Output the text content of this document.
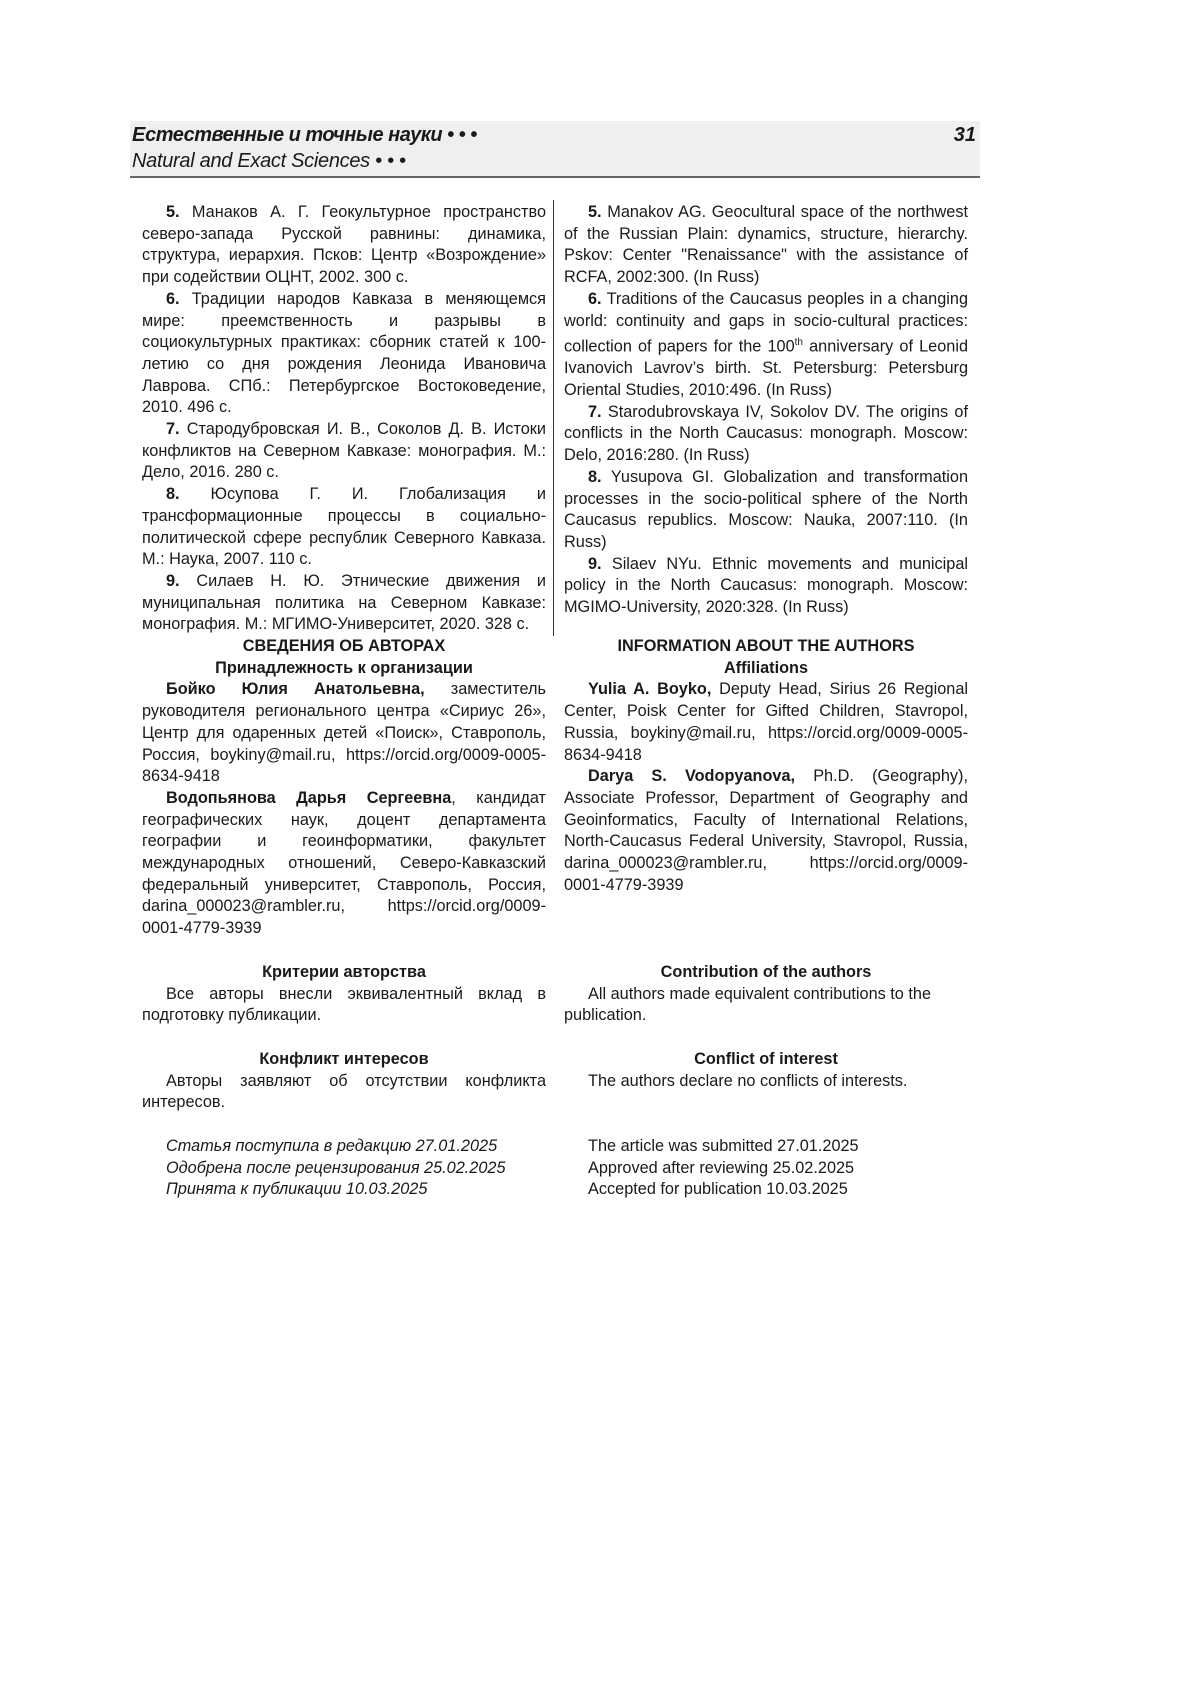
Естественные и точные науки • • •
Natural and Exact Sciences • • •
31

5. Манаков А. Г. Геокультурное пространство северо-запада Русской равнины: динамика, структура, иерархия. Псков: Центр «Возрождение» при содействии ОЦНТ, 2002. 300 с.

6. Традиции народов Кавказа в меняющемся мире: преемственность и разрывы в социокультурных практиках: сборник статей к 100-летию со дня рождения Леонида Ивановича Лаврова. СПб.: Петербургское Востоковедение, 2010. 496 с.

7. Стародубровская И. В., Соколов Д. В. Истоки конфликтов на Северном Кавказе: монография. М.: Дело, 2016. 280 с.

8. Юсупова Г. И. Глобализация и трансформационные процессы в социально-политической сфере республик Северного Кавказа. М.: Наука, 2007. 110 с.

9. Силаев Н. Ю. Этнические движения и муниципальная политика на Северном Кавказе: монография. М.: МГИМО-Университет, 2020. 328 с.

5. Manakov AG. Geocultural space of the northwest of the Russian Plain: dynamics, structure, hierarchy. Pskov: Center "Renaissance" with the assistance of RCFA, 2002:300. (In Russ)

6. Traditions of the Caucasus peoples in a changing world: continuity and gaps in socio-cultural practices: collection of papers for the 100th anniversary of Leonid Ivanovich Lavrov’s birth. St. Petersburg: Petersburg Oriental Studies, 2010:496. (In Russ)

7. Starodubrovskaya IV, Sokolov DV. The origins of conflicts in the North Caucasus: monograph. Moscow: Delo, 2016:280. (In Russ)

8. Yusupova GI. Globalization and transformation processes in the socio-political sphere of the North Caucasus republics. Moscow: Nauka, 2007:110. (In Russ)

9. Silaev NYu. Ethnic movements and municipal policy in the North Caucasus: monograph. Moscow: MGIMO-University, 2020:328. (In Russ)

СВЕДЕНИЯ ОБ АВТОРАХ

Принадлежность к организации

Бойко Юлия Анатольевна, заместитель руководителя регионального центра «Сириус 26», Центр для одаренных детей «Поиск», Ставрополь, Россия, boykiny@mail.ru, https://orcid.org/0009-0005-8634-9418

Водопьянова Дарья Сергеевна, кандидат географических наук, доцент департамента географии и геоинформатики, факультет международных отношений, Северо-Кавказский федеральный университет, Ставрополь, Россия, darina_000023@rambler.ru, https://orcid.org/0009-0001-4779-3939

INFORMATION ABOUT THE AUTHORS

Affiliations

Yulia A. Boyko, Deputy Head, Sirius 26 Regional Center, Poisk Center for Gifted Children, Stavropol, Russia, boykiny@mail.ru, https://orcid.org/0009-0005-8634-9418

Darya S. Vodopyanova, Ph.D. (Geography), Associate Professor, Department of Geography and Geoinformatics, Faculty of International Relations, North-Caucasus Federal University, Stavropol, Russia, darina_000023@rambler.ru, https://orcid.org/0009-0001-4779-3939

Критерии авторства

Все авторы внесли эквивалентный вклад в подготовку публикации.

Contribution of the authors

All authors made equivalent contributions to the publication.

Конфликт интересов

Авторы заявляют об отсутствии конфликта интересов.

Conflict of interest

The authors declare no conflicts of interests.

Статья поступила в редакцию 27.01.2025

Одобрена после рецензирования 25.02.2025

Принята к публикации 10.03.2025

The article was submitted 27.01.2025

Approved after reviewing 25.02.2025

Accepted for publication 10.03.2025
